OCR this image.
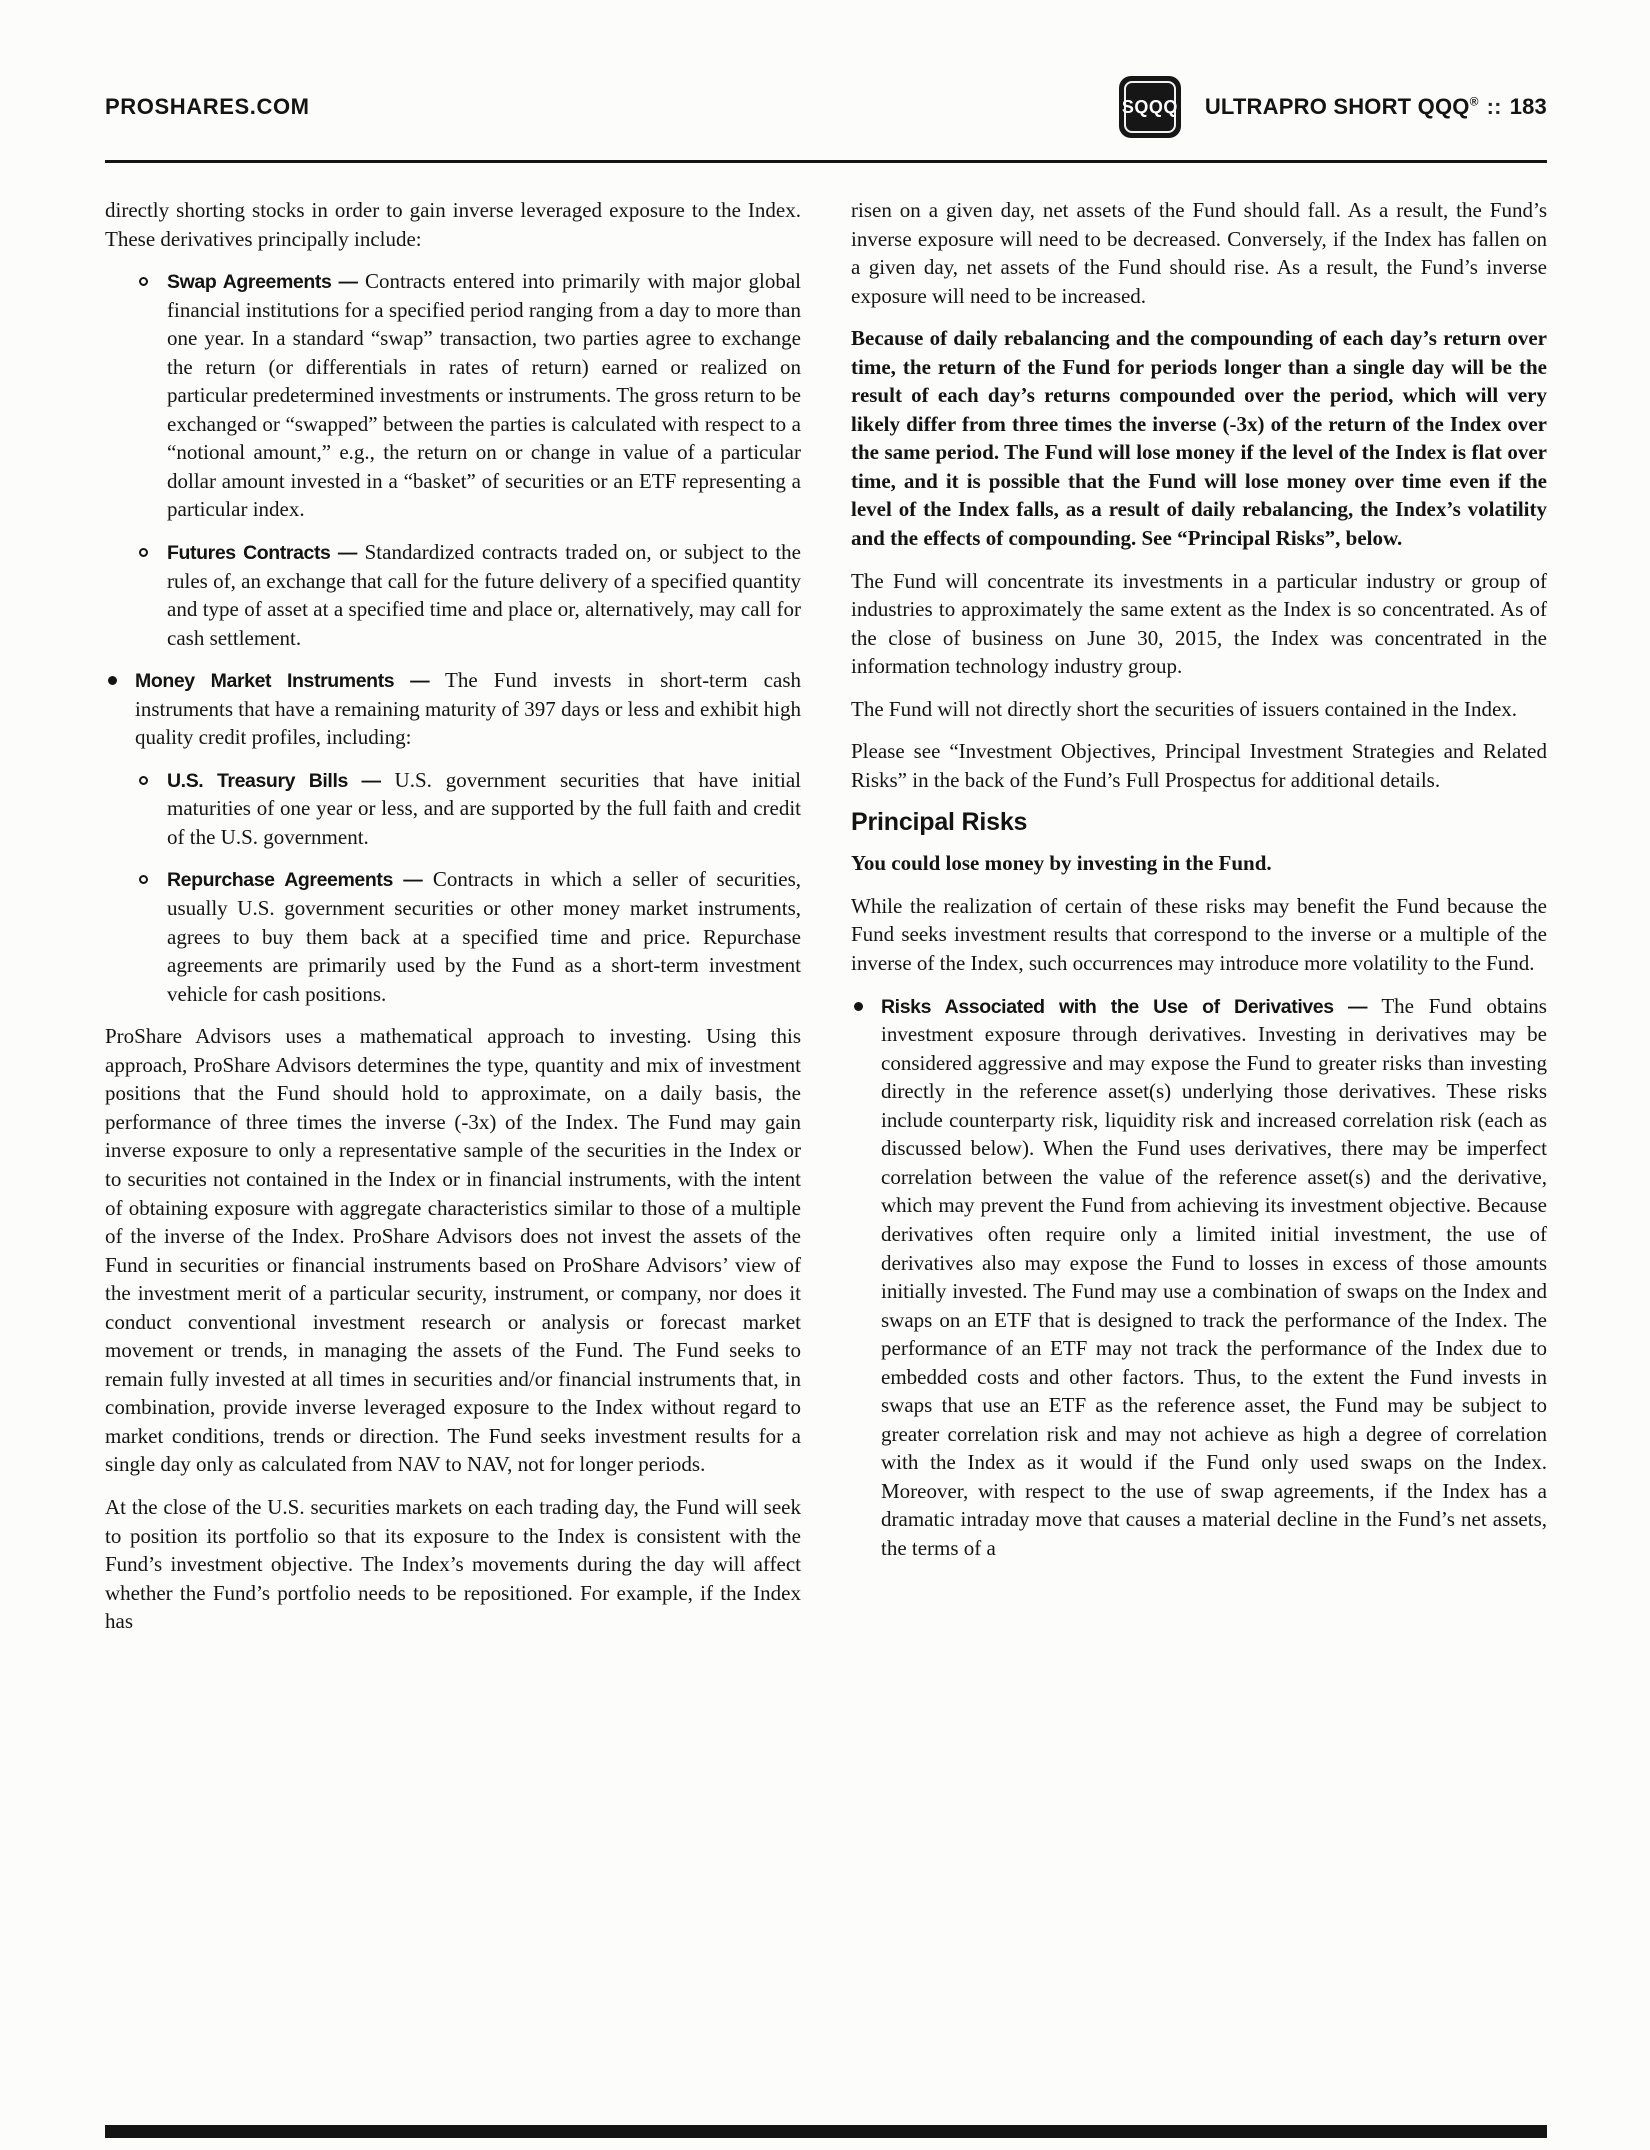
PROSHARES.COM	SQQQ ULTRAPRO SHORT QQQ® :: 183

directly shorting stocks in order to gain inverse leveraged exposure to the Index. These derivatives principally include:

Swap Agreements — Contracts entered into primarily with major global financial institutions for a specified period ranging from a day to more than one year. In a standard “swap” transaction, two parties agree to exchange the return (or differentials in rates of return) earned or realized on particular predetermined investments or instruments. The gross return to be exchanged or “swapped” between the parties is calculated with respect to a “notional amount,” e.g., the return on or change in value of a particular dollar amount invested in a “basket” of securities or an ETF representing a particular index.
Futures Contracts — Standardized contracts traded on, or subject to the rules of, an exchange that call for the future delivery of a specified quantity and type of asset at a specified time and place or, alternatively, may call for cash settlement.
Money Market Instruments — The Fund invests in short-term cash instruments that have a remaining maturity of 397 days or less and exhibit high quality credit profiles, including:
U.S. Treasury Bills — U.S. government securities that have initial maturities of one year or less, and are supported by the full faith and credit of the U.S. government.
Repurchase Agreements — Contracts in which a seller of securities, usually U.S. government securities or other money market instruments, agrees to buy them back at a specified time and price. Repurchase agreements are primarily used by the Fund as a short-term investment vehicle for cash positions.

ProShare Advisors uses a mathematical approach to investing. Using this approach, ProShare Advisors determines the type, quantity and mix of investment positions that the Fund should hold to approximate, on a daily basis, the performance of three times the inverse (-3x) of the Index. The Fund may gain inverse exposure to only a representative sample of the securities in the Index or to securities not contained in the Index or in financial instruments, with the intent of obtaining exposure with aggregate characteristics similar to those of a multiple of the inverse of the Index. ProShare Advisors does not invest the assets of the Fund in securities or financial instruments based on ProShare Advisors’ view of the investment merit of a particular security, instrument, or company, nor does it conduct conventional investment research or analysis or forecast market movement or trends, in managing the assets of the Fund. The Fund seeks to remain fully invested at all times in securities and/or financial instruments that, in combination, provide inverse leveraged exposure to the Index without regard to market conditions, trends or direction. The Fund seeks investment results for a single day only as calculated from NAV to NAV, not for longer periods.

At the close of the U.S. securities markets on each trading day, the Fund will seek to position its portfolio so that its exposure to the Index is consistent with the Fund’s investment objective. The Index’s movements during the day will affect whether the Fund’s portfolio needs to be repositioned. For example, if the Index has

risen on a given day, net assets of the Fund should fall. As a result, the Fund’s inverse exposure will need to be decreased. Conversely, if the Index has fallen on a given day, net assets of the Fund should rise. As a result, the Fund’s inverse exposure will need to be increased.

Because of daily rebalancing and the compounding of each day’s return over time, the return of the Fund for periods longer than a single day will be the result of each day’s returns compounded over the period, which will very likely differ from three times the inverse (-3x) of the return of the Index over the same period. The Fund will lose money if the level of the Index is flat over time, and it is possible that the Fund will lose money over time even if the level of the Index falls, as a result of daily rebalancing, the Index’s volatility and the effects of compounding. See “Principal Risks”, below.

The Fund will concentrate its investments in a particular industry or group of industries to approximately the same extent as the Index is so concentrated. As of the close of business on June 30, 2015, the Index was concentrated in the information technology industry group.

The Fund will not directly short the securities of issuers contained in the Index.

Please see “Investment Objectives, Principal Investment Strategies and Related Risks” in the back of the Fund’s Full Prospectus for additional details.

Principal Risks

You could lose money by investing in the Fund.

While the realization of certain of these risks may benefit the Fund because the Fund seeks investment results that correspond to the inverse or a multiple of the inverse of the Index, such occurrences may introduce more volatility to the Fund.

Risks Associated with the Use of Derivatives — The Fund obtains investment exposure through derivatives. Investing in derivatives may be considered aggressive and may expose the Fund to greater risks than investing directly in the reference asset(s) underlying those derivatives. These risks include counterparty risk, liquidity risk and increased correlation risk (each as discussed below). When the Fund uses derivatives, there may be imperfect correlation between the value of the reference asset(s) and the derivative, which may prevent the Fund from achieving its investment objective. Because derivatives often require only a limited initial investment, the use of derivatives also may expose the Fund to losses in excess of those amounts initially invested. The Fund may use a combination of swaps on the Index and swaps on an ETF that is designed to track the performance of the Index. The performance of an ETF may not track the performance of the Index due to embedded costs and other factors. Thus, to the extent the Fund invests in swaps that use an ETF as the reference asset, the Fund may be subject to greater correlation risk and may not achieve as high a degree of correlation with the Index as it would if the Fund only used swaps on the Index. Moreover, with respect to the use of swap agreements, if the Index has a dramatic intraday move that causes a material decline in the Fund’s net assets, the terms of a
